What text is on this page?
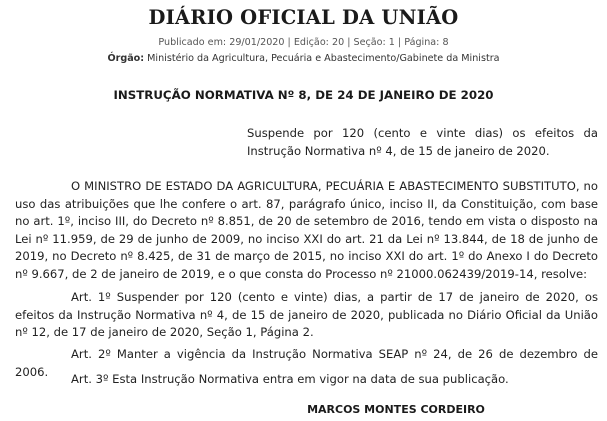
DIÁRIO OFICIAL DA UNIÃO
Publicado em: 29/01/2020 | Edição: 20 | Seção: 1 | Página: 8
Órgão: Ministério da Agricultura, Pecuária e Abastecimento/Gabinete da Ministra
INSTRUÇÃO NORMATIVA Nº 8, DE 24 DE JANEIRO DE 2020
Suspende por 120 (cento e vinte dias) os efeitos da Instrução Normativa nº 4, de 15 de janeiro de 2020.
O MINISTRO DE ESTADO DA AGRICULTURA, PECUÁRIA E ABASTECIMENTO SUBSTITUTO, no uso das atribuições que lhe confere o art. 87, parágrafo único, inciso II, da Constituição, com base no art. 1º, inciso III, do Decreto nº 8.851, de 20 de setembro de 2016, tendo em vista o disposto na Lei nº 11.959, de 29 de junho de 2009, no inciso XXI do art. 21 da Lei nº 13.844, de 18 de junho de 2019, no Decreto nº 8.425, de 31 de março de 2015, no inciso XXI do art. 1º do Anexo I do Decreto nº 9.667, de 2 de janeiro de 2019, e o que consta do Processo nº 21000.062439/2019-14, resolve:
Art. 1º Suspender por 120 (cento e vinte) dias, a partir de 17 de janeiro de 2020, os efeitos da Instrução Normativa nº 4, de 15 de janeiro de 2020, publicada no Diário Oficial da União nº 12, de 17 de janeiro de 2020, Seção 1, Página 2.
Art. 2º Manter a vigência da Instrução Normativa SEAP nº 24, de 26 de dezembro de 2006.
Art. 3º Esta Instrução Normativa entra em vigor na data de sua publicação.
MARCOS MONTES CORDEIRO
